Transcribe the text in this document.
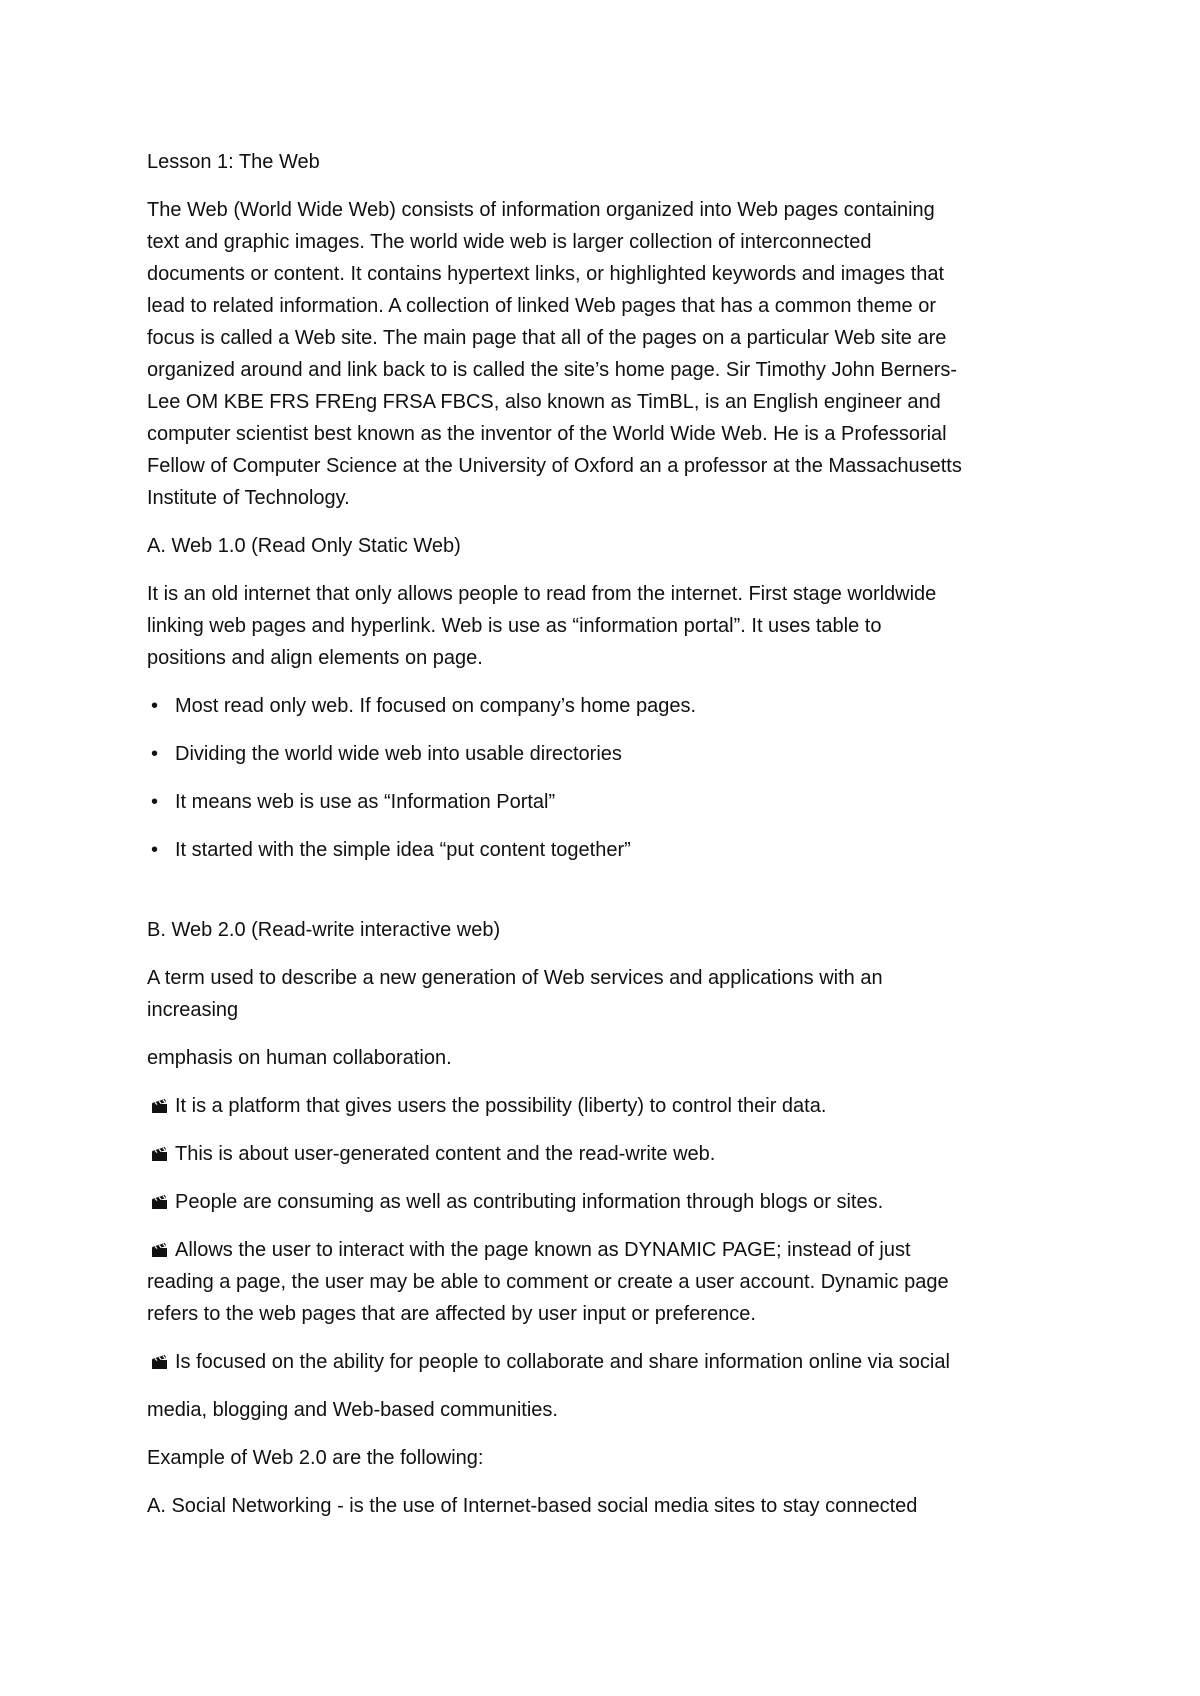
Lesson 1: The Web

The Web (World Wide Web) consists of information organized into Web pages containing
text and graphic images. The world wide web is larger collection of interconnected
documents or content. It contains hypertext links, or highlighted keywords and images that
lead to related information. A collection of linked Web pages that has a common theme or
focus is called a Web site. The main page that all of the pages on a particular Web site are
organized around and link back to is called the site’s home page. Sir Timothy John Berners-
Lee OM KBE FRS FREng FRSA FBCS, also known as TimBL, is an English engineer and
computer scientist best known as the inventor of the World Wide Web. He is a Professorial
Fellow of Computer Science at the University of Oxford an a professor at the Massachusetts
Institute of Technology.

A. Web 1.0 (Read Only Static Web)

It is an old internet that only allows people to read from the internet. First stage worldwide
linking web pages and hyperlink. Web is use as “information portal”. It uses table to
positions and align elements on page.

•Most read only web. If focused on company’s home pages.

•Dividing the world wide web into usable directories

•It means web is use as “Information Portal”

•It started with the simple idea “put content together”

B. Web 2.0 (Read-write interactive web)

A term used to describe a new generation of Web services and applications with an
increasing

emphasis on human collaboration.

It is a platform that gives users the possibility (liberty) to control their data.

This is about user-generated content and the read-write web.

People are consuming as well as contributing information through blogs or sites.

Allows the user to interact with the page known as DYNAMIC PAGE; instead of just
reading a page, the user may be able to comment or create a user account. Dynamic page
refers to the web pages that are affected by user input or preference.

Is focused on the ability for people to collaborate and share information online via social

media, blogging and Web-based communities.

Example of Web 2.0 are the following:

A. Social Networking - is the use of Internet-based social media sites to stay connected
